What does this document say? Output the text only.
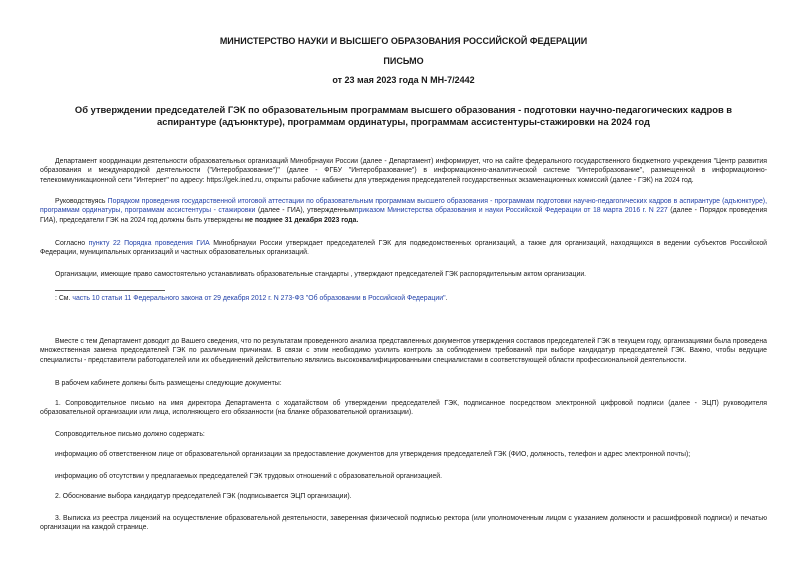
МИНИСТЕРСТВО НАУКИ И ВЫСШЕГО ОБРАЗОВАНИЯ РОССИЙСКОЙ ФЕДЕРАЦИИ

ПИСЬМО

от 23 мая 2023 года N МН-7/2442

Об утверждении председателей ГЭК по образовательным программам высшего образования - подготовки научно-педагогических кадров в аспирантуре (адъюнктуре), программам ординатуры, программам ассистентуры-стажировки на 2024 год

Департамент координации деятельности образовательных организаций Минобрнауки России (далее - Департамент) информирует, что на сайте федерального государственного бюджетного учреждения "Центр развития образования и международной деятельности ("Интеробразование")" (далее - ФГБУ "Интеробразование") в информационно-аналитической системе "Интеробразование", размещенной в информационно-телекоммуникационной сети "Интернет" по адресу: https://gek.ined.ru, открыты рабочие кабинеты для утверждения председателей государственных экзаменационных комиссий (далее - ГЭК) на 2024 год.

Руководствуясь Порядком проведения государственной итоговой аттестации по образовательным программам высшего образования - программам подготовки научно-педагогических кадров в аспирантуре (адъюнктуре), программам ординатуры, программам ассистентуры - стажировки (далее - ГИА), утвержденнымприказом Министерства образования и науки Российской Федерации от 18 марта 2016 г. N 227 (далее - Порядок проведения ГИА), председатели ГЭК на 2024 год должны быть утверждены не позднее 31 декабря 2023 года.

Согласно пункту 22 Порядка проведения ГИА Минобрнауки России утверждает председателей ГЭК для подведомственных организаций, а также для организаций, находящихся в ведении субъектов Российской Федерации, муниципальных организаций и частных образовательных организаций.

Организации, имеющие право самостоятельно устанавливать образовательные стандарты , утверждают председателей ГЭК распорядительным актом организации.

: См. часть 10 статьи 11 Федерального закона от 29 декабря 2012 г. N 273-ФЗ "Об образовании в Российской Федерации".

Вместе с тем Департамент доводит до Вашего сведения, что по результатам проведенного анализа представленных документов утверждения составов председателей ГЭК в текущем году, организациями была проведена множественная замена председателей ГЭК по различным причинам. В связи с этим необходимо усилить контроль за соблюдением требований при выборе кандидатур председателей ГЭК. Важно, чтобы ведущие специалисты - представители работодателей или их объединений действительно являлись высококвалифицированными специалистами в соответствующей области профессиональной деятельности.

В рабочем кабинете должны быть размещены следующие документы:

1. Сопроводительное письмо на имя директора Департамента с ходатайством об утверждении председателей ГЭК, подписанное посредством электронной цифровой подписи (далее - ЭЦП) руководителя образовательной организации или лица, исполняющего его обязанности (на бланке образовательной организации).

Сопроводительное письмо должно содержать:

информацию об ответственном лице от образовательной организации за предоставление документов для утверждения председателей ГЭК (ФИО, должность, телефон и адрес электронной почты);

информацию об отсутствии у предлагаемых председателей ГЭК трудовых отношений с образовательной организацией.

2. Обоснование выбора кандидатур председателей ГЭК (подписывается ЭЦП организации).

3. Выписка из реестра лицензий на осуществление образовательной деятельности, заверенная физической подписью ректора (или уполномоченным лицом с указанием должности и расшифровкой подписи) и печатью организации на каждой странице.
